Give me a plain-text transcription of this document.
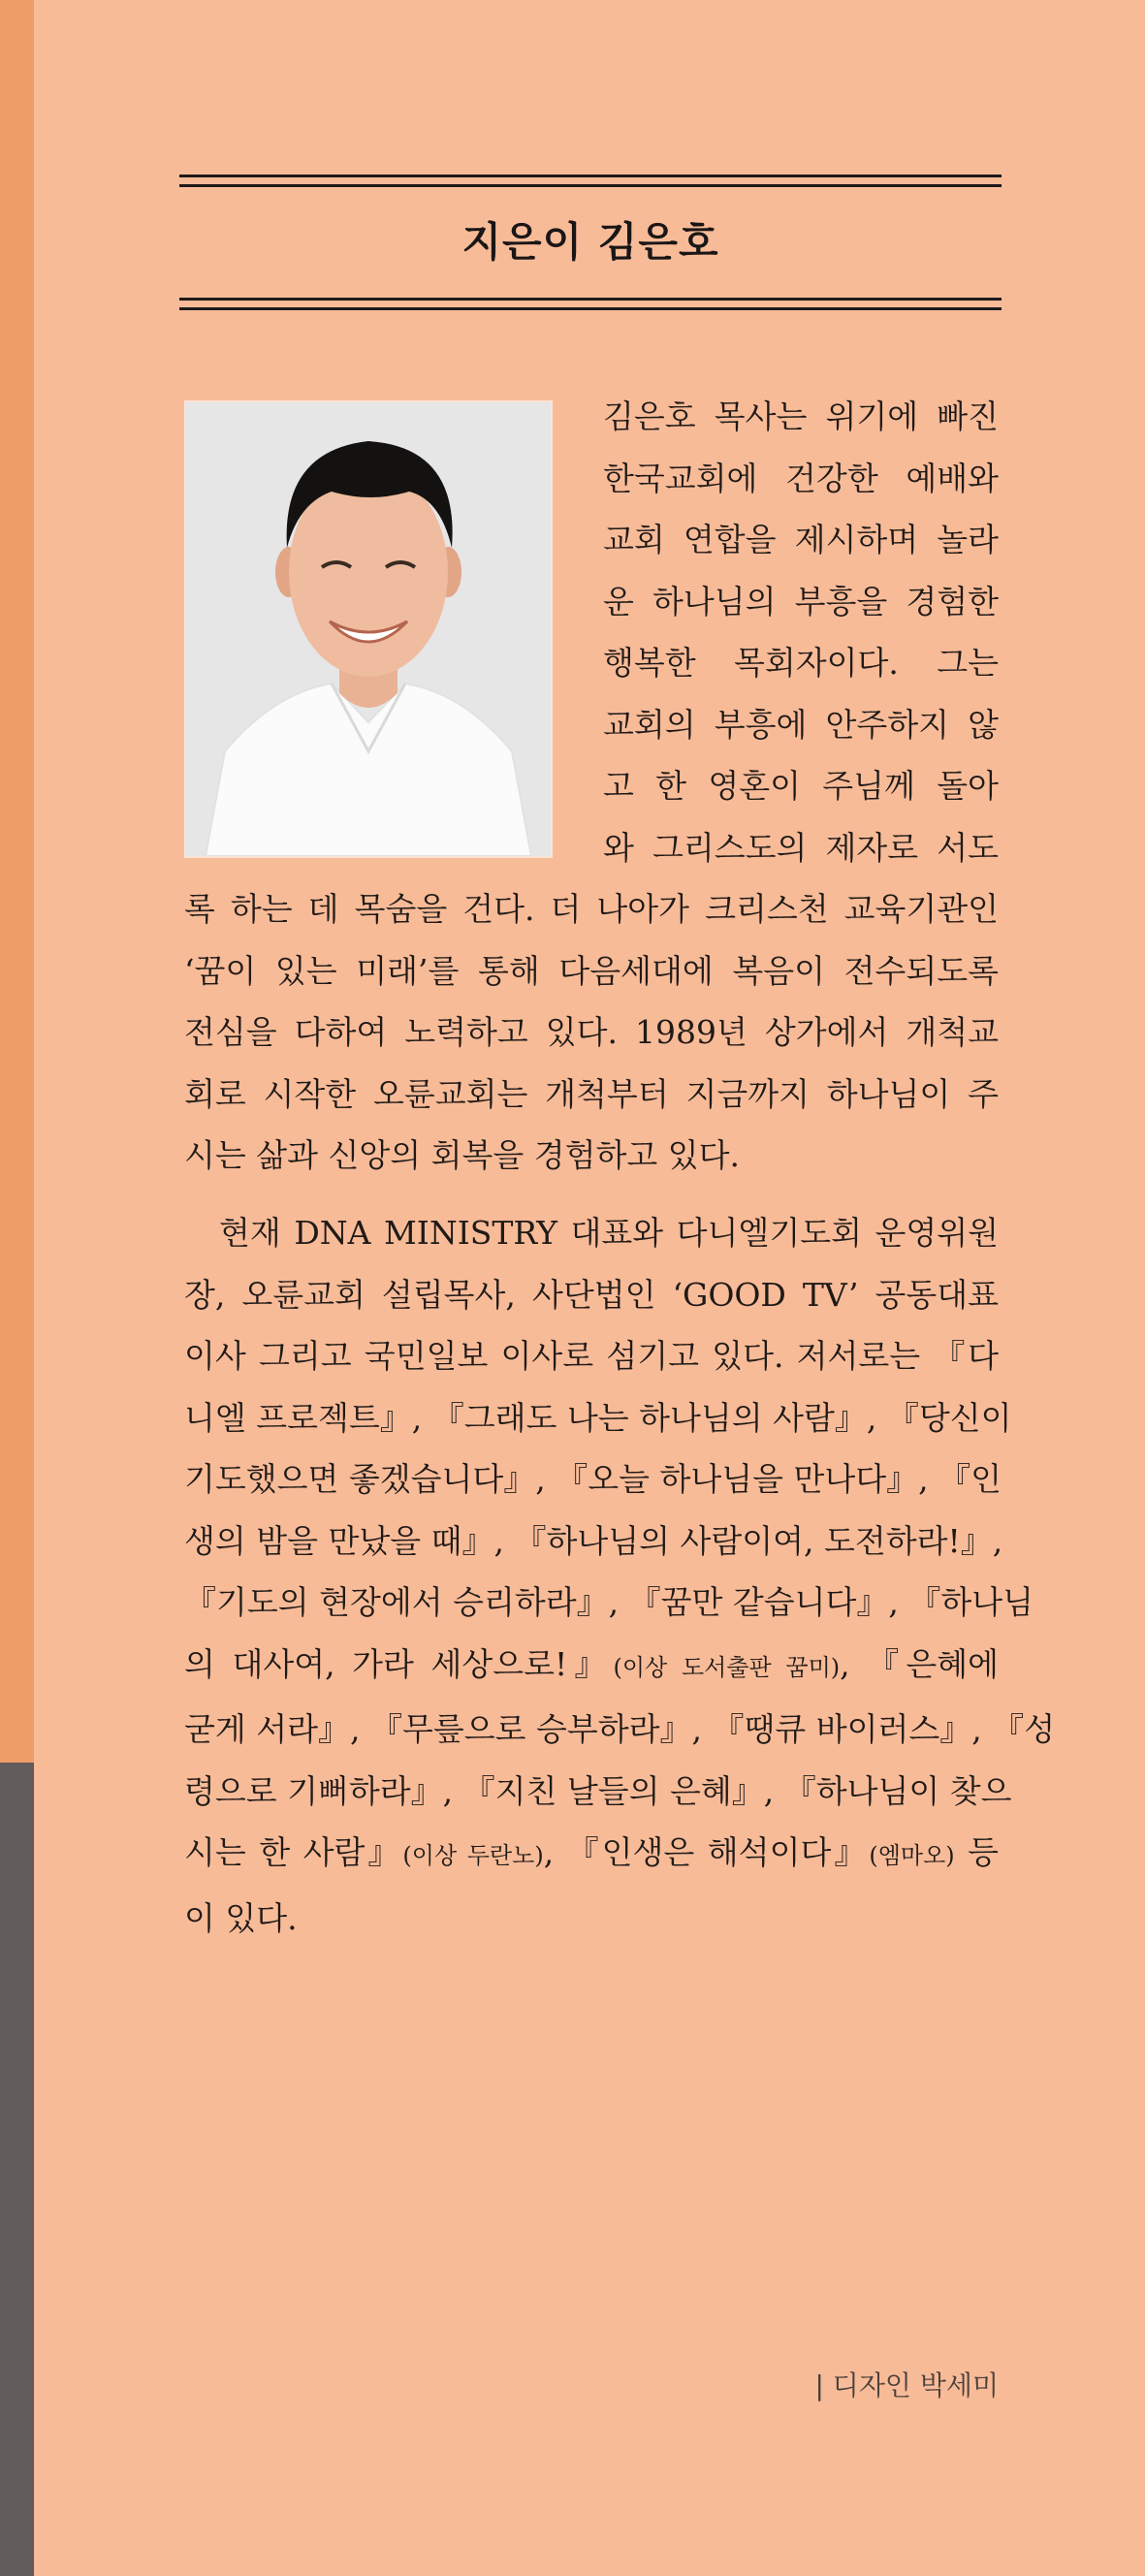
지은이 김은호
김은호 목사는 위기에 빠진
한국교회에 건강한 예배와
교회 연합을 제시하며 놀라
운 하나님의 부흥을 경험한
행복한 목회자이다. 그는
교회의 부흥에 안주하지 않
고 한 영혼이 주님께 돌아
와 그리스도의 제자로 서도
록 하는 데 목숨을 건다. 더 나아가 크리스천 교육기관인
‘꿈이 있는 미래’를 통해 다음세대에 복음이 전수되도록
전심을 다하여 노력하고 있다. 1989년 상가에서 개척교
회로 시작한 오륜교회는 개척부터 지금까지 하나님이 주
시는 삶과 신앙의 회복을 경험하고 있다.
　현재 DNA MINISTRY 대표와 다니엘기도회 운영위원
장, 오륜교회 설립목사, 사단법인 ‘GOOD TV’ 공동대표
이사 그리고 국민일보 이사로 섬기고 있다. 저서로는 『다
니엘 프로젝트』, 『그래도 나는 하나님의 사람』, 『당신이
기도했으면 좋겠습니다』, 『오늘 하나님을 만나다』, 『인
생의 밤을 만났을 때』, 『하나님의 사람이여, 도전하라!』,
『기도의 현장에서 승리하라』, 『꿈만 같습니다』, 『하나님
의 대사여, 가라 세상으로!』(이상 도서출판 꿈미), 『은혜에
굳게 서라』, 『무릎으로 승부하라』, 『땡큐 바이러스』, 『성
령으로 기뻐하라』, 『지친 날들의 은혜』, 『하나님이 찾으
시는 한 사람』(이상 두란노), 『인생은 해석이다』(엠마오) 등
이 있다.
| 디자인 박세미
